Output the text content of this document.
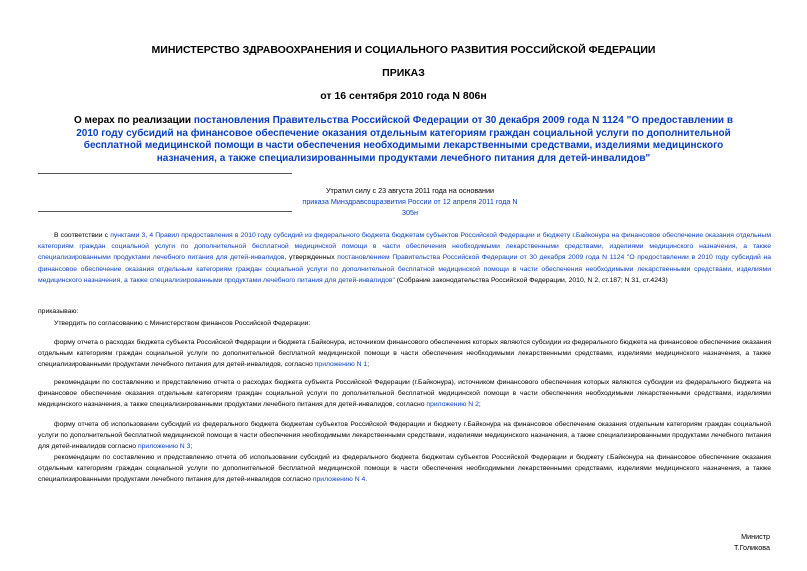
МИНИСТЕРСТВО ЗДРАВООХРАНЕНИЯ И СОЦИАЛЬНОГО РАЗВИТИЯ РОССИЙСКОЙ ФЕДЕРАЦИИ
ПРИКАЗ
от 16 сентября 2010 года N 806н
О мерах по реализации постановления Правительства Российской Федерации от 30 декабря 2009 года N 1124 "О предоставлении в 2010 году субсидий на финансовое обеспечение оказания отдельным категориям граждан социальной услуги по дополнительной бесплатной медицинской помощи в части обеспечения необходимыми лекарственными средствами, изделиями медицинского назначения, а также специализированными продуктами лечебного питания для детей-инвалидов"
Утратил силу с 23 августа 2011 года на основании
приказа Минздравсоцразвития России от 12 апреля 2011 года N 305н
В соответствии с пунктами 3, 4 Правил предоставления в 2010 году субсидий из федерального бюджета бюджетам субъектов Российской Федерации и бюджету г.Байконура на финансовое обеспечение оказания отдельным категориям граждан социальной услуги по дополнительной бесплатной медицинской помощи в части обеспечения необходимыми лекарственными средствами, изделиями медицинского назначения, а также специализированными продуктами лечебного питания для детей-инвалидов, утвержденных постановлением Правительства Российской Федерации от 30 декабря 2009 года N 1124 "О предоставлении в 2010 году субсидий на финансовое обеспечение оказания отдельным категориям граждан социальной услуги по дополнительной бесплатной медицинской помощи в части обеспечения необходимыми лекарственными средствами, изделиями медицинского назначения, а также специализированными продуктами лечебного питания для детей-инвалидов" (Собрание законодательства Российской Федерации, 2010, N 2, ст.187; N 31, ст.4243)
приказываю:
Утвердить по согласованию с Министерством финансов Российской Федерации:
форму отчета о расходах бюджета субъекта Российской Федерации и бюджета г.Байконура, источником финансового обеспечения которых являются субсидии из федерального бюджета на финансовое обеспечение оказания отдельным категориям граждан социальной услуги по дополнительной бесплатной медицинской помощи в части обеспечения необходимыми лекарственными средствами, изделиями медицинского назначения, а также специализированными продуктами лечебного питания для детей-инвалидов, согласно приложению N 1;
рекомендации по составлению и представлению отчета о расходах бюджета субъекта Российской Федерации (г.Байконура), источником финансового обеспечения которых являются субсидии из федерального бюджета на финансовое обеспечение оказания отдельным категориям граждан социальной услуги по дополнительной бесплатной медицинской помощи в части обеспечения необходимыми лекарственными средствами, изделиями медицинского назначения, а также специализированными продуктами лечебного питания для детей-инвалидов, согласно приложению N 2;
форму отчета об использовании субсидий из федерального бюджета бюджетам субъектов Российской Федерации и бюджету г.Байконура на финансовое обеспечение оказания отдельным категориям граждан социальной услуги по дополнительной бесплатной медицинской помощи в части обеспечения необходимыми лекарственными средствами, изделиями медицинского назначения, а также специализированными продуктами лечебного питания для детей-инвалидов согласно приложению N 3;
рекомендации по составлению и представлению отчета об использовании субсидий из федерального бюджета бюджетам субъектов Российской Федерации и бюджету г.Байконура на финансовое обеспечение оказания отдельным категориям граждан социальной услуги по дополнительной бесплатной медицинской помощи в части обеспечения необходимыми лекарственными средствами, изделиями медицинского назначения, а также специализированными продуктами лечебного питания для детей-инвалидов согласно приложению N 4.
Министр
Т.Голикова
